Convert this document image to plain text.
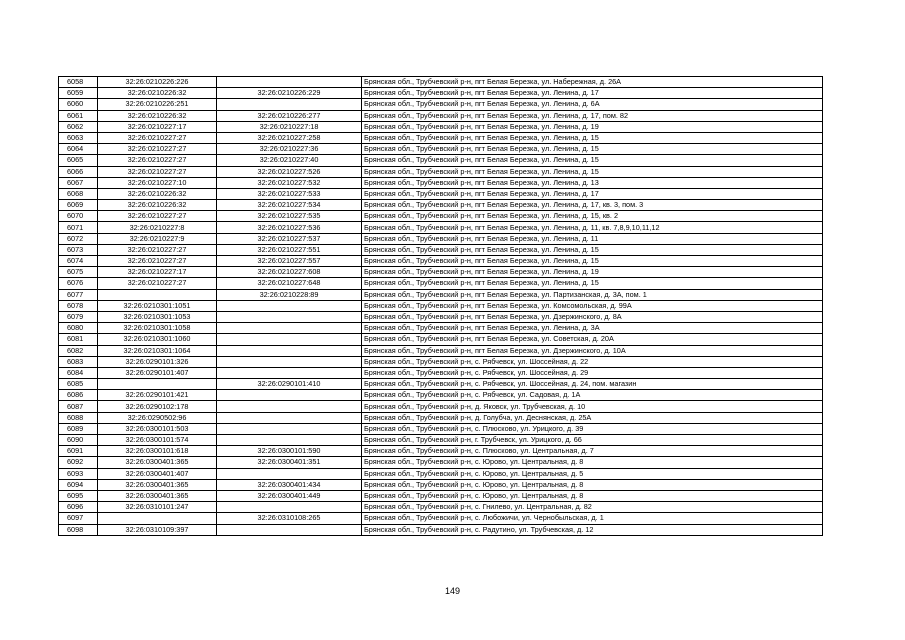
6058	32:26:0210226:226		Брянская обл., Трубчевский р-н, пгт Белая Березка, ул. Набережная, д. 26А
6059	32:26:0210226:32	32:26:0210226:229	Брянская обл., Трубчевский р-н, пгт Белая Березка, ул. Ленина, д. 17
6060	32:26:0210226:251		Брянская обл., Трубчевский р-н, пгт Белая Березка, ул. Ленина, д. 6А
6061	32:26:0210226:32	32:26:0210226:277	Брянская обл., Трубчевский р-н, пгт Белая Березка, ул. Ленина, д. 17, пом. 82
6062	32:26:0210227:17	32:26:0210227:18	Брянская обл., Трубчевский р-н, пгт Белая Березка, ул. Ленина, д. 19
6063	32:26:0210227:27	32:26:0210227:258	Брянская обл., Трубчевский р-н, пгт Белая Березка, ул. Ленина, д. 15
6064	32:26:0210227:27	32:26:0210227:36	Брянская обл., Трубчевский р-н, пгт Белая Березка, ул. Ленина, д. 15
6065	32:26:0210227:27	32:26:0210227:40	Брянская обл., Трубчевский р-н, пгт Белая Березка, ул. Ленина, д. 15
6066	32:26:0210227:27	32:26:0210227:526	Брянская обл., Трубчевский р-н, пгт Белая Березка, ул. Ленина, д. 15
6067	32:26:0210227:10	32:26:0210227:532	Брянская обл., Трубчевский р-н, пгт Белая Березка, ул. Ленина, д. 13
6068	32:26:0210226:32	32:26:0210227:533	Брянская обл., Трубчевский р-н, пгт Белая Березка, ул. Ленина, д. 17
6069	32:26:0210226:32	32:26:0210227:534	Брянская обл., Трубчевский р-н, пгт Белая Березка, ул. Ленина, д. 17, кв. 3, пом. 3
6070	32:26:0210227:27	32:26:0210227:535	Брянская обл., Трубчевский р-н, пгт Белая Березка, ул. Ленина, д. 15, кв. 2
6071	32:26:0210227:8	32:26:0210227:536	Брянская обл., Трубчевский р-н, пгт Белая Березка, ул. Ленина, д. 11, кв. 7,8,9,10,11,12
6072	32:26:0210227:9	32:26:0210227:537	Брянская обл., Трубчевский р-н, пгт Белая Березка, ул. Ленина, д. 11
6073	32:26:0210227:27	32:26:0210227:551	Брянская обл., Трубчевский р-н, пгт Белая Березка, ул. Ленина, д. 15
6074	32:26:0210227:27	32:26:0210227:557	Брянская обл., Трубчевский р-н, пгт Белая Березка, ул. Ленина, д. 15
6075	32:26:0210227:17	32:26:0210227:608	Брянская обл., Трубчевский р-н, пгт Белая Березка, ул. Ленина, д. 19
6076	32:26:0210227:27	32:26:0210227:648	Брянская обл., Трубчевский р-н, пгт Белая Березка, ул. Ленина, д. 15
6077		32:26:0210228:89	Брянская обл., Трубчевский р-н, пгт Белая Березка, ул. Партизанская, д. 3А, пом. 1
6078	32:26:0210301:1051		Брянская обл., Трубчевский р-н, пгт Белая Березка, ул. Комсомольская, д. 99А
6079	32:26:0210301:1053		Брянская обл., Трубчевский р-н, пгт Белая Березка, ул. Дзержинского, д. 8А
6080	32:26:0210301:1058		Брянская обл., Трубчевский р-н, пгт Белая Березка, ул. Ленина, д. 3А
6081	32:26:0210301:1060		Брянская обл., Трубчевский р-н, пгт Белая Березка, ул. Советская, д. 20А
6082	32:26:0210301:1064		Брянская обл., Трубчевский р-н, пгт Белая Березка, ул. Дзержинского, д. 10А
6083	32:26:0290101:326		Брянская обл., Трубчевский р-н, с. Рябчевск, ул. Шоссейная, д. 22
6084	32:26:0290101:407		Брянская обл., Трубчевский р-н, с. Рябчевск, ул. Шоссейная, д. 29
6085		32:26:0290101:410	Брянская обл., Трубчевский р-н, с. Рябчевск, ул. Шоссейная, д. 24, пом. магазин
6086	32:26:0290101:421		Брянская обл., Трубчевский р-н, с. Рябчевск, ул. Садовая, д. 1А
6087	32:26:0290102:178		Брянская обл., Трубчевский р-н, д. Яковск, ул. Трубчевская, д. 10
6088	32:26:0290502:96		Брянская обл., Трубчевский р-н, д. Голубча, ул. Деснянская, д. 25А
6089	32:26:0300101:503		Брянская обл., Трубчевский р-н, с. Плюсково, ул. Урицкого, д. 39
6090	32:26:0300101:574		Брянская обл., Трубчевский р-н, г. Трубчевск, ул. Урицкого, д. 66
6091	32:26:0300101:618	32:26:0300101:590	Брянская обл., Трубчевский р-н, с. Плюсково, ул. Центральная, д. 7
6092	32:26:0300401:365	32:26:0300401:351	Брянская обл., Трубчевский р-н, с. Юрово, ул. Центральная, д. 8
6093	32:26:0300401:407		Брянская обл., Трубчевский р-н, с. Юрово, ул. Центральная, д. 5
6094	32:26:0300401:365	32:26:0300401:434	Брянская обл., Трубчевский р-н, с. Юрово, ул. Центральная, д. 8
6095	32:26:0300401:365	32:26:0300401:449	Брянская обл., Трубчевский р-н, с. Юрово, ул. Центральная, д. 8
6096	32:26:0310101:247		Брянская обл., Трубчевский р-н, с. Гнилево, ул. Центральная, д. 82
6097		32:26:0310108:265	Брянская обл., Трубчевский р-н, с. Любожичи, ул. Чернобыльская, д. 1
6098	32:26:0310109:397		Брянская обл., Трубчевский р-н, с. Радутино, ул. Трубчевская, д. 12
149
